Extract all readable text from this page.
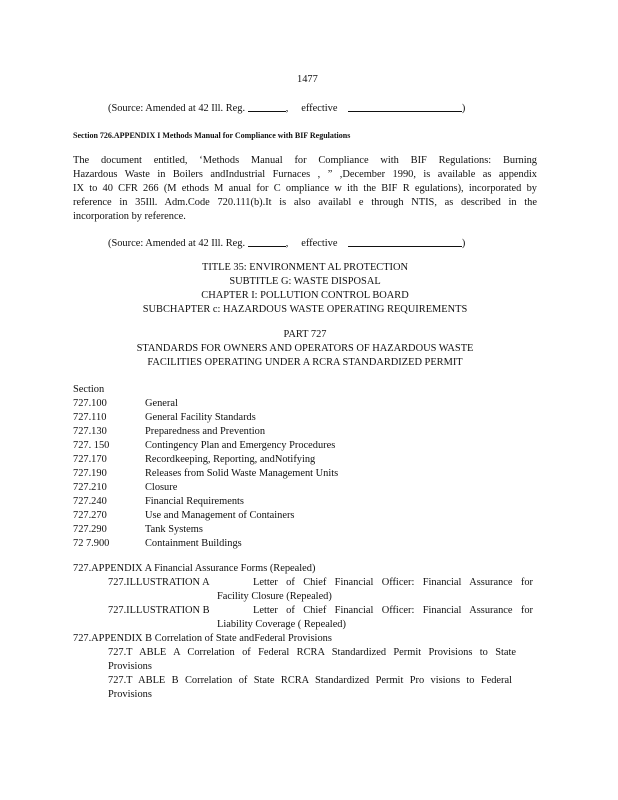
1477
(Source: Amended at 42 Ill. Reg.	, effective	)
Section 726.APPENDIX I Methods Manual for Compliance with BIF Regulations
The document entitled, ‘Methods Manual for Compliance with BIF Regulations: Burning
Hazardous Waste in Boilers andIndustrial Furnaces , ” ,December 1990, is available as appendix
IX to 40 CFR 266 (M ethods M anual for C ompliance w ith the BIF R egulations), incorporated by
reference in 35Ill. Adm.Code 720.111(b).It is also availabl e through NTIS, as described in the
incorporation by reference.
(Source: Amended at 42 Ill. Reg.	, effective	)
TITLE 35: ENVIRONMENT AL PROTECTION
SUBTITLE G: WASTE DISPOSAL
CHAPTER I: POLLUTION CONTROL BOARD
SUBCHAPTER c: HAZARDOUS WASTE OPERATING REQUIREMENTS
PART 727
STANDARDS FOR OWNERS AND OPERATORS OF HAZARDOUS WASTE
FACILITIES OPERATING UNDER A RCRA STANDARDIZED PERMIT
Section
727.100	General
727.110	General Facility Standards
727.130	Preparedness and Prevention
727. 150	Contingency Plan and Emergency Procedures
727.170	Recordkeeping, Reporting, andNotifying
727.190	Releases from Solid Waste Management Units
727.210	Closure
727.240	Financial Requirements
727.270	Use and Management of Containers
727.290	Tank Systems
72 7.900	Containment Buildings
727.APPENDIX A Financial Assurance Forms (Repealed)
727.ILLUSTRATION A	Letter of Chief Financial Officer: Financial Assurance for
Facility Closure (Repealed)
727.ILLUSTRATION B	Letter of Chief Financial Officer: Financial Assurance for
Liability Coverage ( Repealed)
727.APPENDIX B Correlation of State andFederal Provisions
727.T ABLE A Correlation of Federal RCRA Standardized Permit Provisions to State
Provisions
727.T ABLE B Correlation of State RCRA Standardized Permit Pro visions to Federal
Provisions
